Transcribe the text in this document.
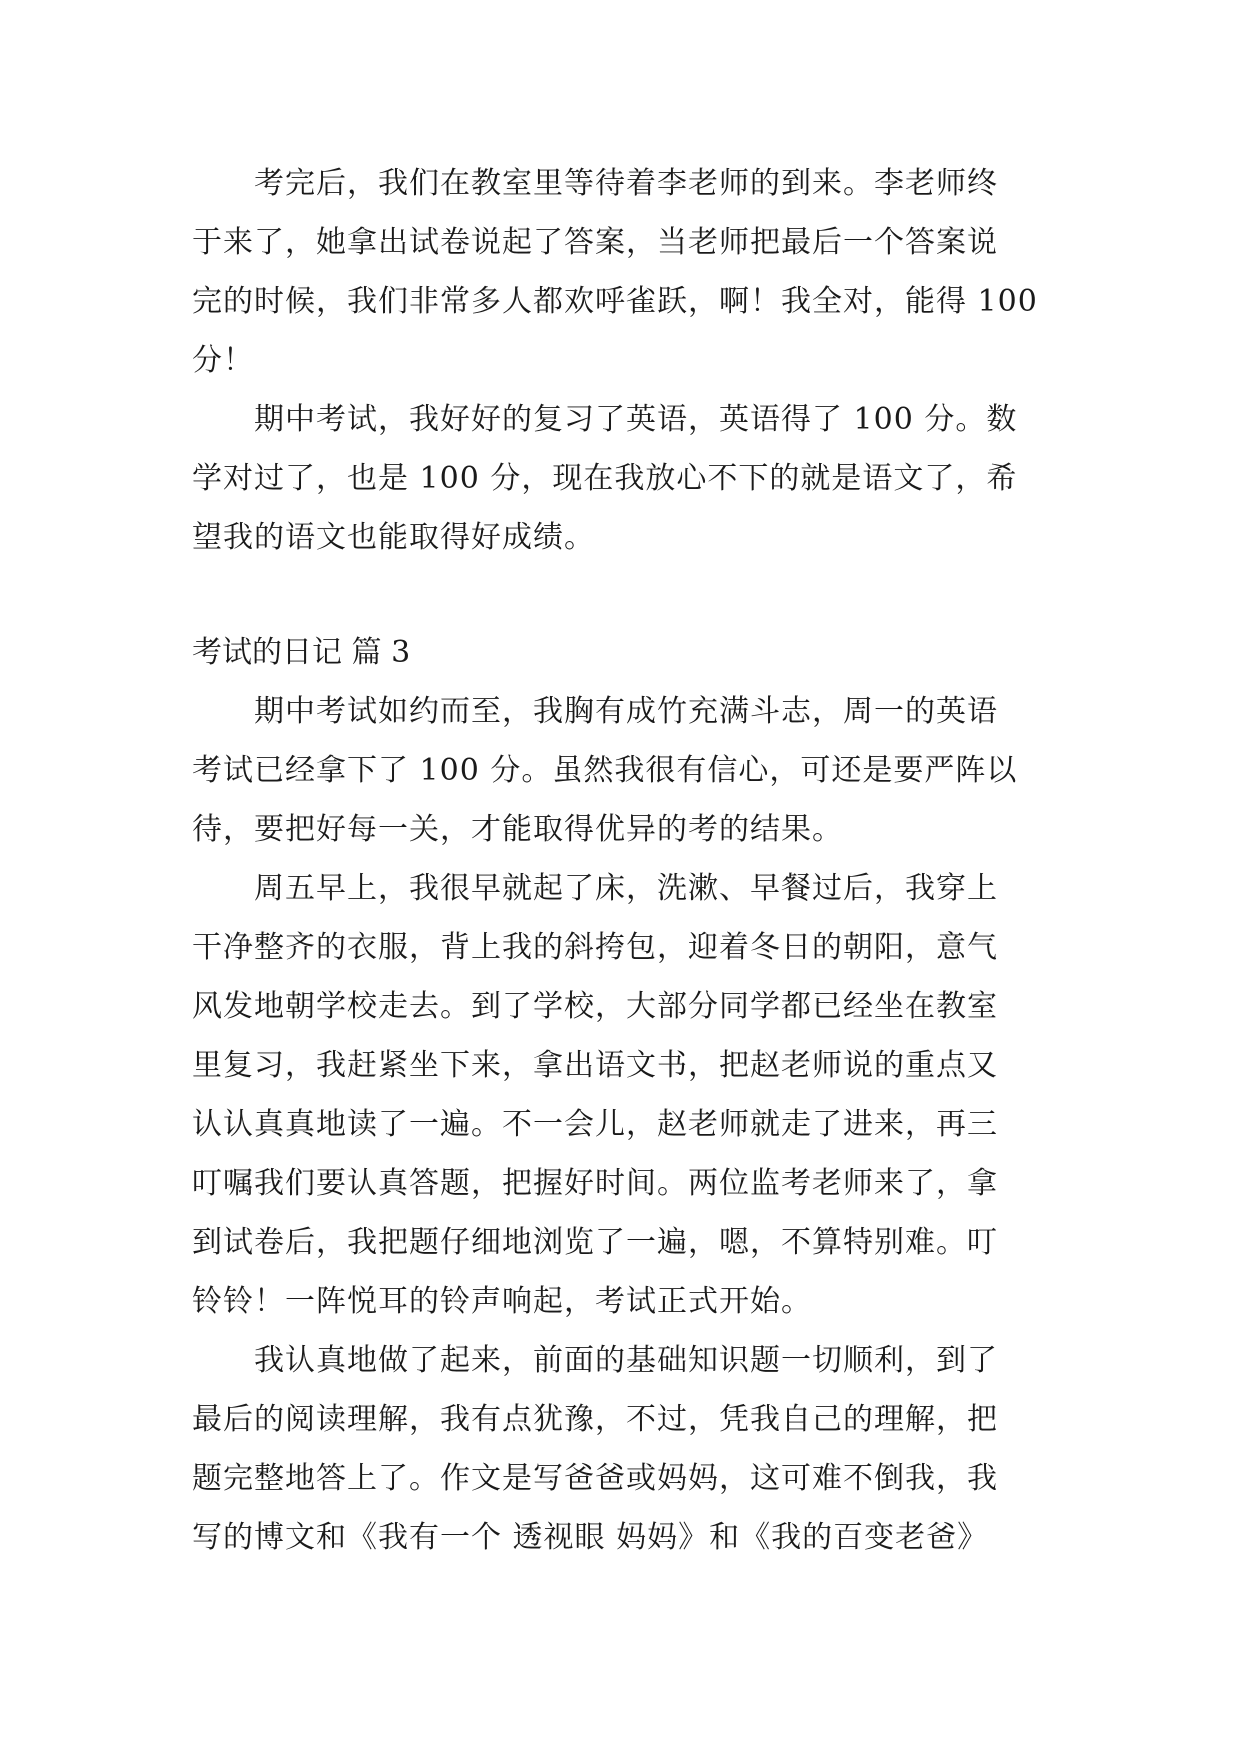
考完后，我们在教室里等待着李老师的到来。李老师终
于来了，她拿出试卷说起了答案，当老师把最后一个答案说
完的时候，我们非常多人都欢呼雀跃，啊！我全对，能得 100
分！
期中考试，我好好的复习了英语，英语得了 100 分。数
学对过了，也是 100 分，现在我放心不下的就是语文了，希
望我的语文也能取得好成绩。
考试的日记 篇 3
期中考试如约而至，我胸有成竹充满斗志，周一的英语
考试已经拿下了 100 分。虽然我很有信心，可还是要严阵以
待，要把好每一关，才能取得优异的考的结果。
周五早上，我很早就起了床，洗漱、早餐过后，我穿上
干净整齐的衣服，背上我的斜挎包，迎着冬日的朝阳，意气
风发地朝学校走去。到了学校，大部分同学都已经坐在教室
里复习，我赶紧坐下来，拿出语文书，把赵老师说的重点又
认认真真地读了一遍。不一会儿，赵老师就走了进来，再三
叮嘱我们要认真答题，把握好时间。两位监考老师来了，拿
到试卷后，我把题仔细地浏览了一遍，嗯，不算特别难。叮
铃铃！一阵悦耳的铃声响起，考试正式开始。
我认真地做了起来，前面的基础知识题一切顺利，到了
最后的阅读理解，我有点犹豫，不过，凭我自己的理解，把
题完整地答上了。作文是写爸爸或妈妈，这可难不倒我，我
写的博文和《我有一个 透视眼 妈妈》和《我的百变老爸》
